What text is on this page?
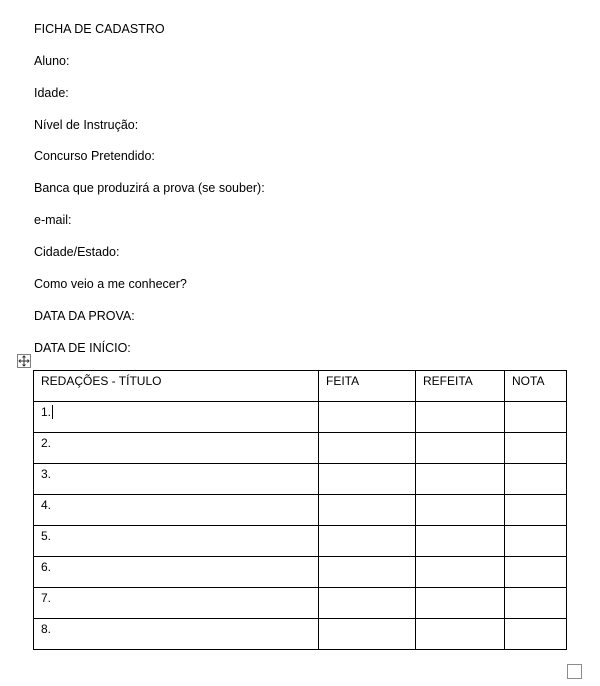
FICHA DE CADASTRO
Aluno:
Idade:
Nível de Instrução:
Concurso Pretendido:
Banca que produzirá a prova (se souber):
e-mail:
Cidade/Estado:
Como veio a me conhecer?
DATA DA PROVA:
DATA DE INÍCIO:
REDAÇÕES - TÍTULO	FEITA	REFEITA	NOTA
1.			
2.			
3.			
4.			
5.			
6.			
7.			
8.			
